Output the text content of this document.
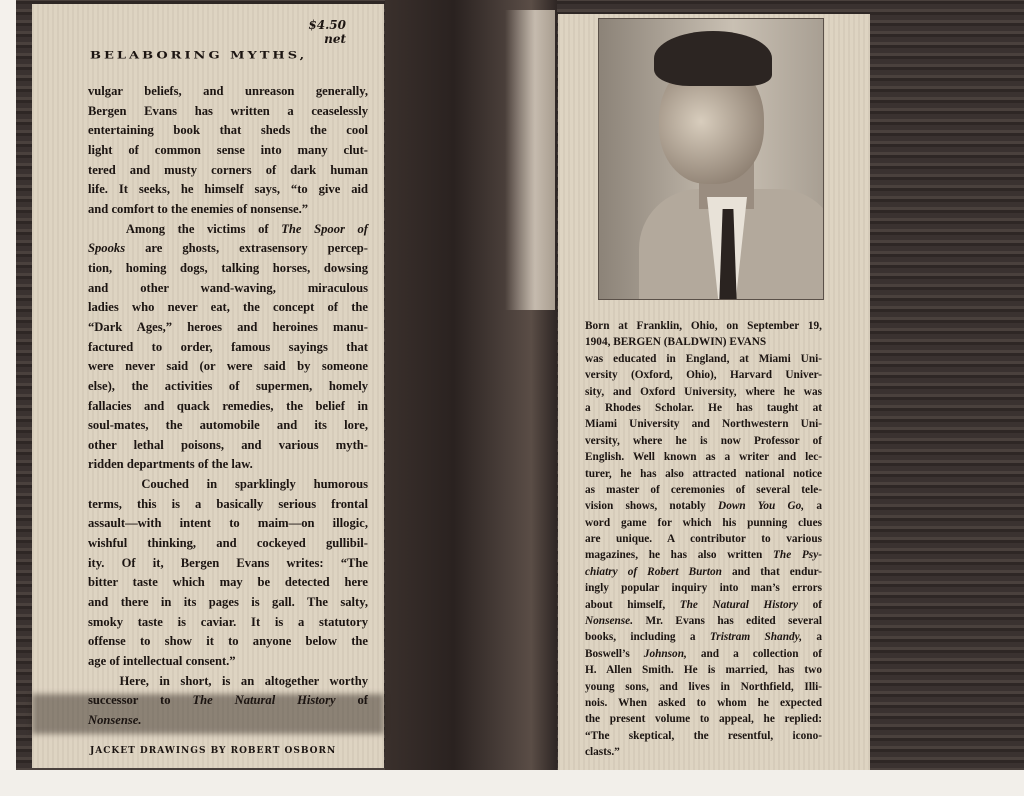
$4.50
net
BELABORING MYTHS,
vulgar beliefs, and unreason generally,
Bergen Evans has written a ceaselessly
entertaining book that sheds the cool
light of common sense into many clut-
tered and musty corners of dark human
life. It seeks, he himself says, “to give aid
and comfort to the enemies of nonsense.”
Among the victims of The Spoor of
Spooks are ghosts, extrasensory percep-
tion, homing dogs, talking horses, dowsing
and other wand-waving, miraculous
ladies who never eat, the concept of the
“Dark Ages,” heroes and heroines manu-
factured to order, famous sayings that
were never said (or were said by someone
else), the activities of supermen, homely
fallacies and quack remedies, the belief in
soul-mates, the automobile and its lore,
other lethal poisons, and various myth-
ridden departments of the law.
Couched in sparklingly humorous
terms, this is a basically serious frontal
assault—with intent to maim—on illogic,
wishful thinking, and cockeyed gullibil-
ity. Of it, Bergen Evans writes: “The
bitter taste which may be detected here
and there in its pages is gall. The salty,
smoky taste is caviar. It is a statutory
offense to show it to anyone below the
age of intellectual consent.”
Here, in short, is an altogether worthy
successor to The Natural History of
Nonsense.
JACKET DRAWINGS BY ROBERT OSBORN
Born at Franklin, Ohio, on September 19,
1904, BERGEN (BALDWIN) EVANS
was educated in England, at Miami Uni-
versity (Oxford, Ohio), Harvard Univer-
sity, and Oxford University, where he was
a Rhodes Scholar. He has taught at
Miami University and Northwestern Uni-
versity, where he is now Professor of
English. Well known as a writer and lec-
turer, he has also attracted national notice
as master of ceremonies of several tele-
vision shows, notably Down You Go, a
word game for which his punning clues
are unique. A contributor to various
magazines, he has also written The Psy-
chiatry of Robert Burton and that endur-
ingly popular inquiry into man’s errors
about himself, The Natural History of
Nonsense. Mr. Evans has edited several
books, including a Tristram Shandy, a
Boswell’s Johnson, and a collection of
H. Allen Smith. He is married, has two
young sons, and lives in Northfield, Illi-
nois. When asked to whom he expected
the present volume to appeal, he replied:
“The skeptical, the resentful, icono-
clasts.”
